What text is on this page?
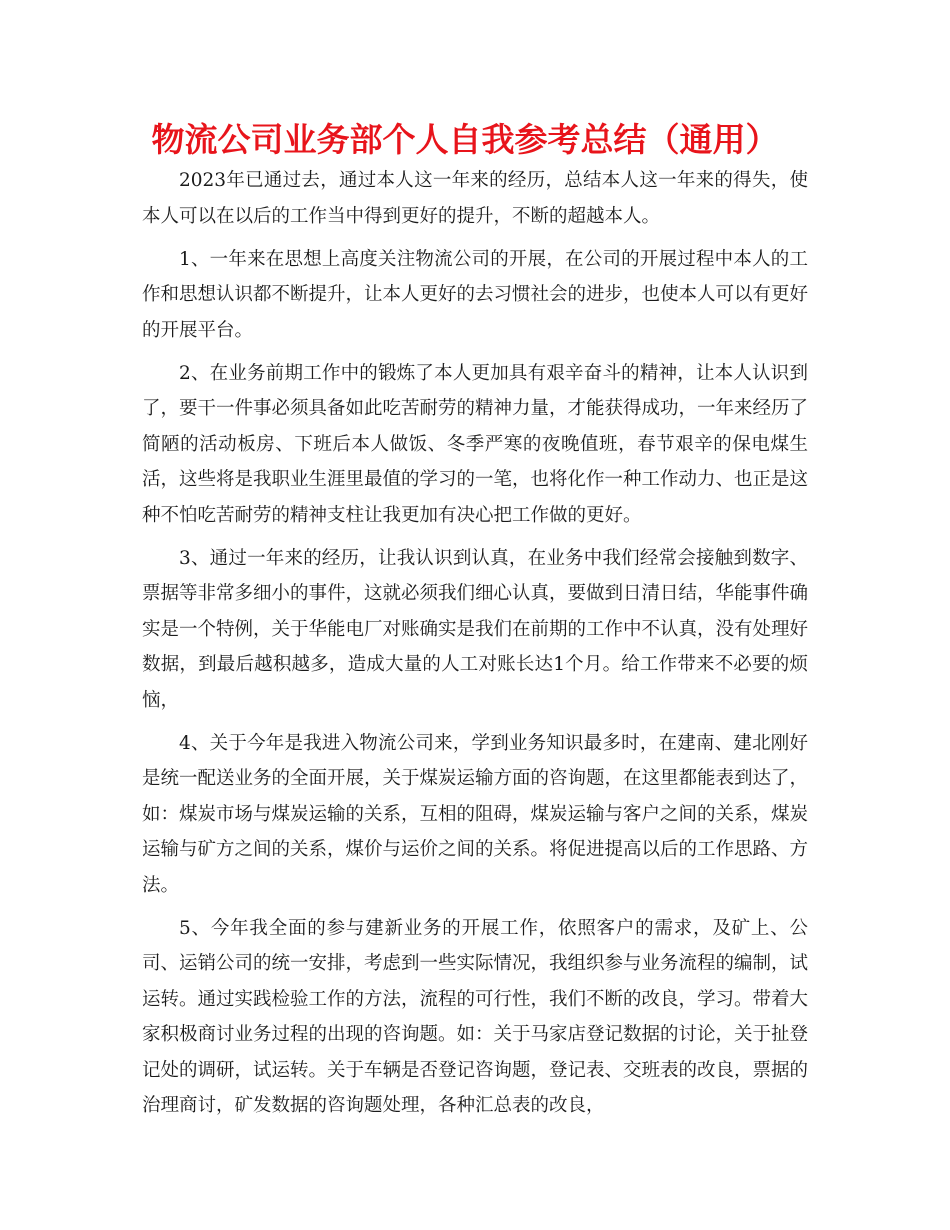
物流公司业务部个人自我参考总结（通用）

2023年已通过去，通过本人这一年来的经历，总结本人这一年来的得失，使本人可以在以后的工作当中得到更好的提升，不断的超越本人。

1、一年来在思想上高度关注物流公司的开展，在公司的开展过程中本人的工作和思想认识都不断提升，让本人更好的去习惯社会的进步，也使本人可以有更好的开展平台。

2、在业务前期工作中的锻炼了本人更加具有艰辛奋斗的精神，让本人认识到了，要干一件事必须具备如此吃苦耐劳的精神力量，才能获得成功，一年来经历了简陋的活动板房、下班后本人做饭、冬季严寒的夜晚值班，春节艰辛的保电煤生活，这些将是我职业生涯里最值的学习的一笔，也将化作一种工作动力、也正是这种不怕吃苦耐劳的精神支柱让我更加有决心把工作做的更好。

3、通过一年来的经历，让我认识到认真，在业务中我们经常会接触到数字、票据等非常多细小的事件，这就必须我们细心认真，要做到日清日结，华能事件确实是一个特例，关于华能电厂对账确实是我们在前期的工作中不认真，没有处理好数据，到最后越积越多，造成大量的人工对账长达1个月。给工作带来不必要的烦恼，

4、关于今年是我进入物流公司来，学到业务知识最多时，在建南、建北刚好是统一配送业务的全面开展，关于煤炭运输方面的咨询题，在这里都能表到达了，如：煤炭市场与煤炭运输的关系，互相的阻碍，煤炭运输与客户之间的关系，煤炭运输与矿方之间的关系，煤价与运价之间的关系。将促进提高以后的工作思路、方法。

5、今年我全面的参与建新业务的开展工作，依照客户的需求，及矿上、公司、运销公司的统一安排，考虑到一些实际情况，我组织参与业务流程的编制，试运转。通过实践检验工作的方法，流程的可行性，我们不断的改良，学习。带着大家积极商讨业务过程的出现的咨询题。如：关于马家店登记数据的讨论，关于扯登记处的调研，试运转。关于车辆是否登记咨询题，登记表、交班表的改良，票据的治理商讨，矿发数据的咨询题处理，各种汇总表的改良，
